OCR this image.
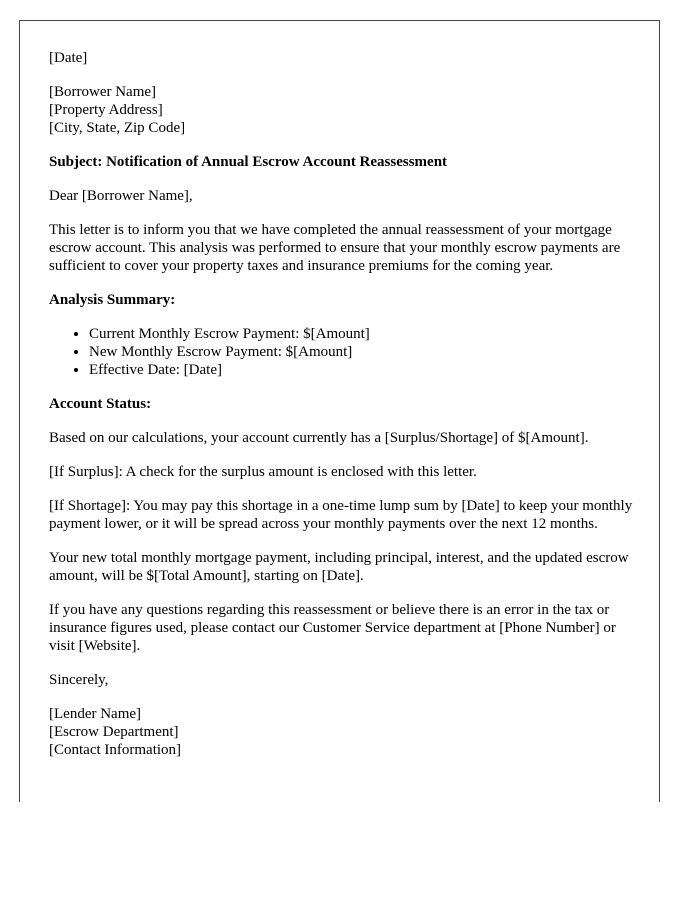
[Date]

[Borrower Name]
[Property Address]
[City, State, Zip Code]

Subject: Notification of Annual Escrow Account Reassessment

Dear [Borrower Name],

This letter is to inform you that we have completed the annual reassessment of your mortgage escrow account. This analysis was performed to ensure that your monthly escrow payments are sufficient to cover your property taxes and insurance premiums for the coming year.

Analysis Summary:

• Current Monthly Escrow Payment: $[Amount]
• New Monthly Escrow Payment: $[Amount]
• Effective Date: [Date]

Account Status:

Based on our calculations, your account currently has a [Surplus/Shortage] of $[Amount].

[If Surplus]: A check for the surplus amount is enclosed with this letter.

[If Shortage]: You may pay this shortage in a one-time lump sum by [Date] to keep your monthly payment lower, or it will be spread across your monthly payments over the next 12 months.

Your new total monthly mortgage payment, including principal, interest, and the updated escrow amount, will be $[Total Amount], starting on [Date].

If you have any questions regarding this reassessment or believe there is an error in the tax or insurance figures used, please contact our Customer Service department at [Phone Number] or visit [Website].

Sincerely,

[Lender Name]
[Escrow Department]
[Contact Information]
